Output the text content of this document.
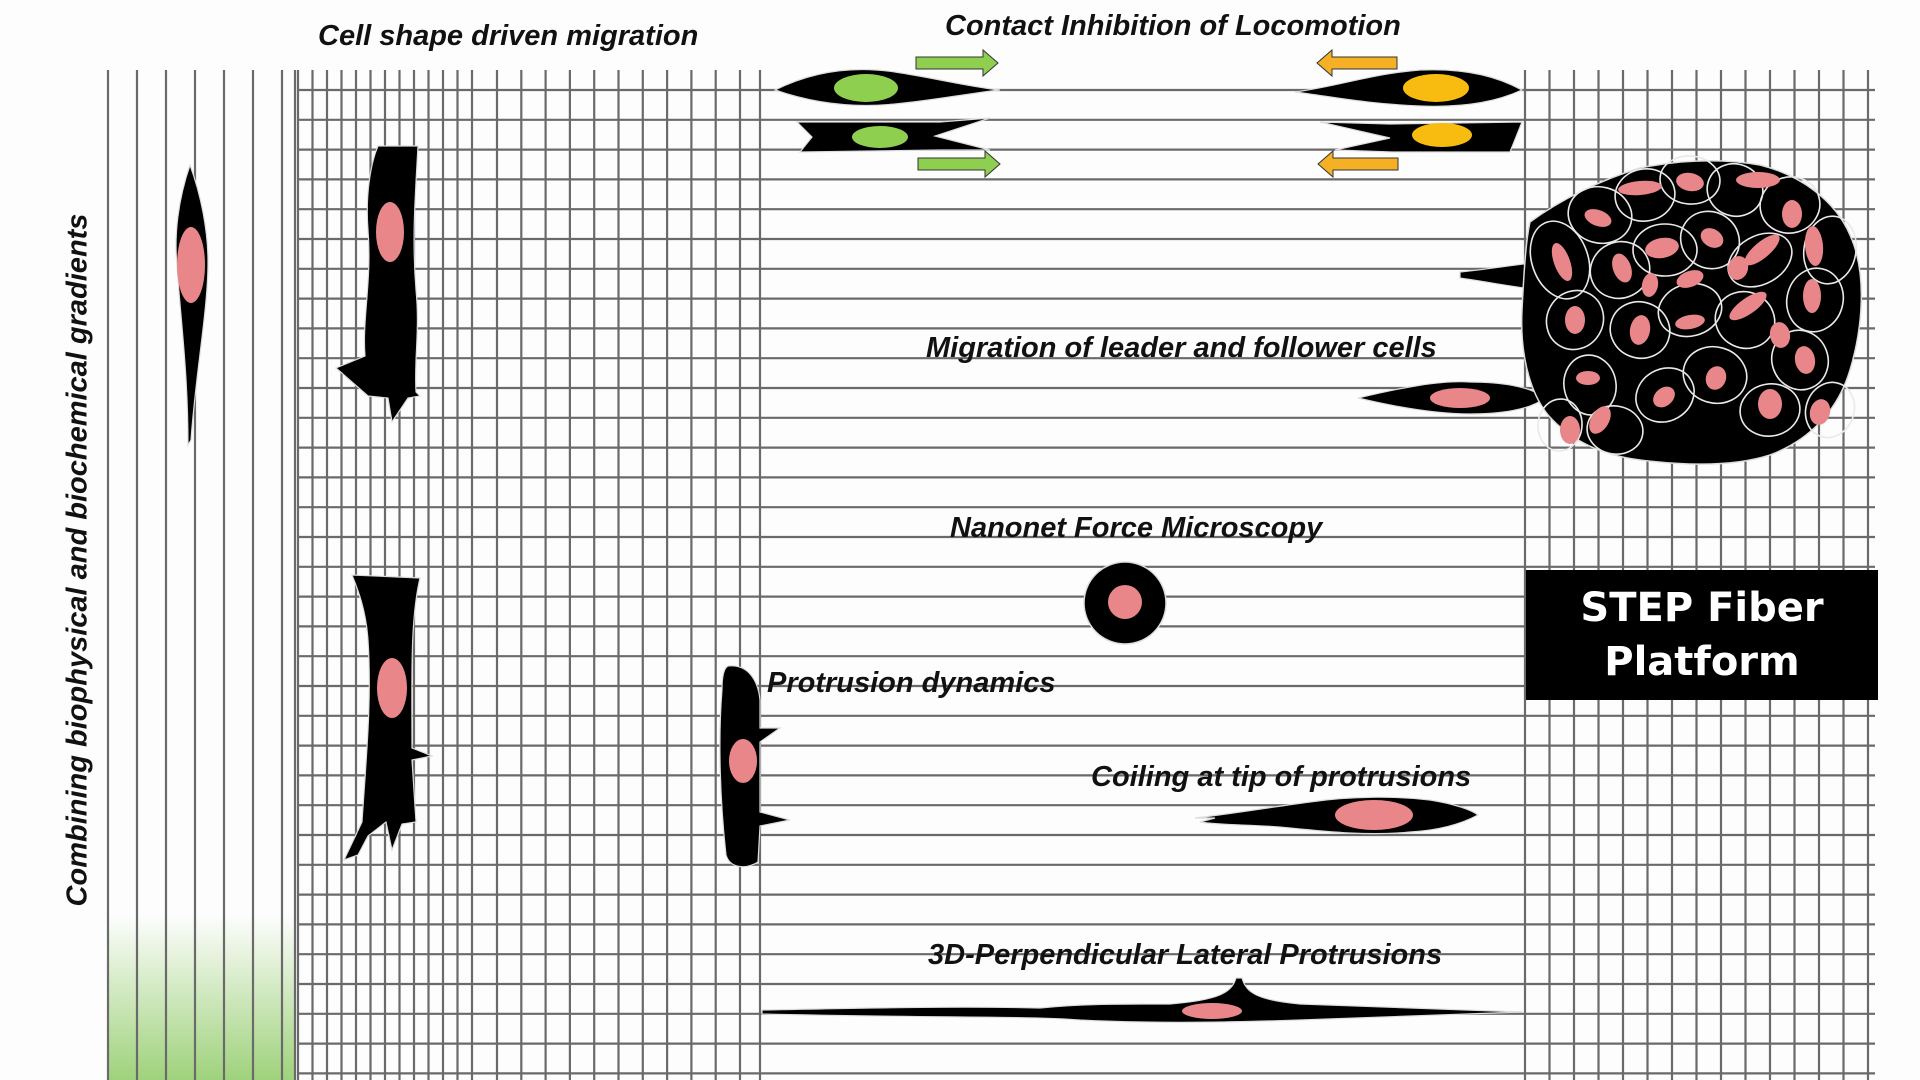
Cell shape driven migration	Contact Inhibition of Locomotion
Migration of leader and follower cells
Nanonet Force Microscopy
Protrusion dynamics
Coiling at tip of protrusions
3D-Perpendicular Lateral Protrusions
Combining biophysical and biochemical gradients	STEP Fiber
Platform
